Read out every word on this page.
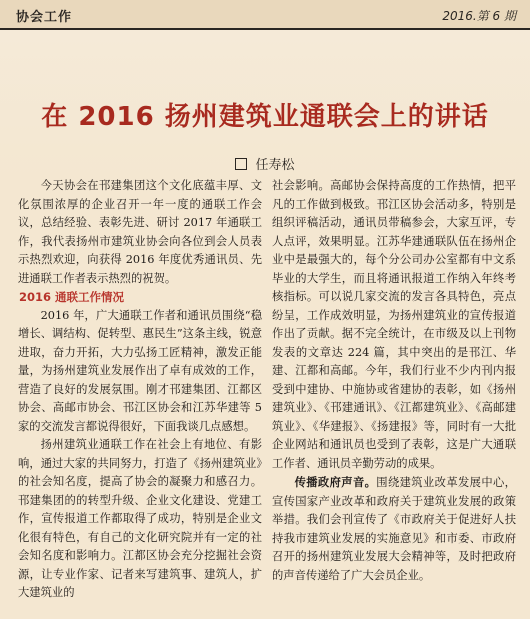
协会工作	2016.第 6 期
在 2016 扬州建筑业通联会上的讲话
任寿松

今天协会在邗建集团这个文化底蕴丰厚、文化氛围浓厚的企业召开一年一度的通联工作会议，总结经验、表彰先进、研讨 2017 年通联工作，我代表扬州市建筑业协会向各位到会人员表示热烈欢迎，向获得 2016 年度优秀通讯员、先进通联工作者表示热烈的祝贺。

2016 通联工作情况

2016 年，广大通联工作者和通讯员围绕“稳增长、调结构、促转型、惠民生”这条主线，锐意进取，奋力开拓，大力弘扬工匠精神，激发正能量，为扬州建筑业发展作出了卓有成效的工作，营造了良好的发展氛围。刚才邗建集团、江都区协会、高邮市协会、邗江区协会和江苏华建等 5 家的交流发言都说得很好，下面我谈几点感想。

扬州建筑业通联工作在社会上有地位、有影响，通过大家的共同努力，打造了《扬州建筑业》的社会知名度，提高了协会的凝聚力和感召力。邗建集团的的转型升级、企业文化建设、党建工作，宣传报道工作都取得了成功，特别是企业文化很有特色，有自己的文化研究院并有一定的社会知名度和影响力。江都区协会充分挖掘社会资源，让专业作家、记者来写建筑事、建筑人，扩大建筑业的

社会影响。高邮协会保持高度的工作热情，把平凡的工作做到极致。邗江区协会活动多，特别是组织评稿活动，通讯员带稿参会，大家互评，专人点评，效果明显。江苏华建通联队伍在扬州企业中是最强大的，每个分公司办公室都有中文系毕业的大学生，而且将通讯报道工作纳入年终考核指标。可以说几家交流的发言各具特色，亮点纷呈，工作成效明显，为扬州建筑业的宣传报道作出了贡献。据不完全统计，在市级及以上刊物发表的文章达 224 篇，其中突出的是邗江、华建、江都和高邮。今年，我们行业不少内刊内报受到中建协、中施协或省建协的表彰，如《扬州建筑业》、《邗建通讯》、《江都建筑业》、《高邮建筑业》、《华建报》、《扬建报》等，同时有一大批企业网站和通讯员也受到了表彰，这是广大通联工作者、通讯员辛勤劳动的成果。

传播政府声音。围绕建筑业改革发展中心，宣传国家产业改革和政府关于建筑业发展的政策举措。我们会刊宣传了《市政府关于促进好人扶持我市建筑业发展的实施意见》和市委、市政府召开的扬州建筑业发展大会精神等，及时把政府的声音传递给了广大会员企业。
